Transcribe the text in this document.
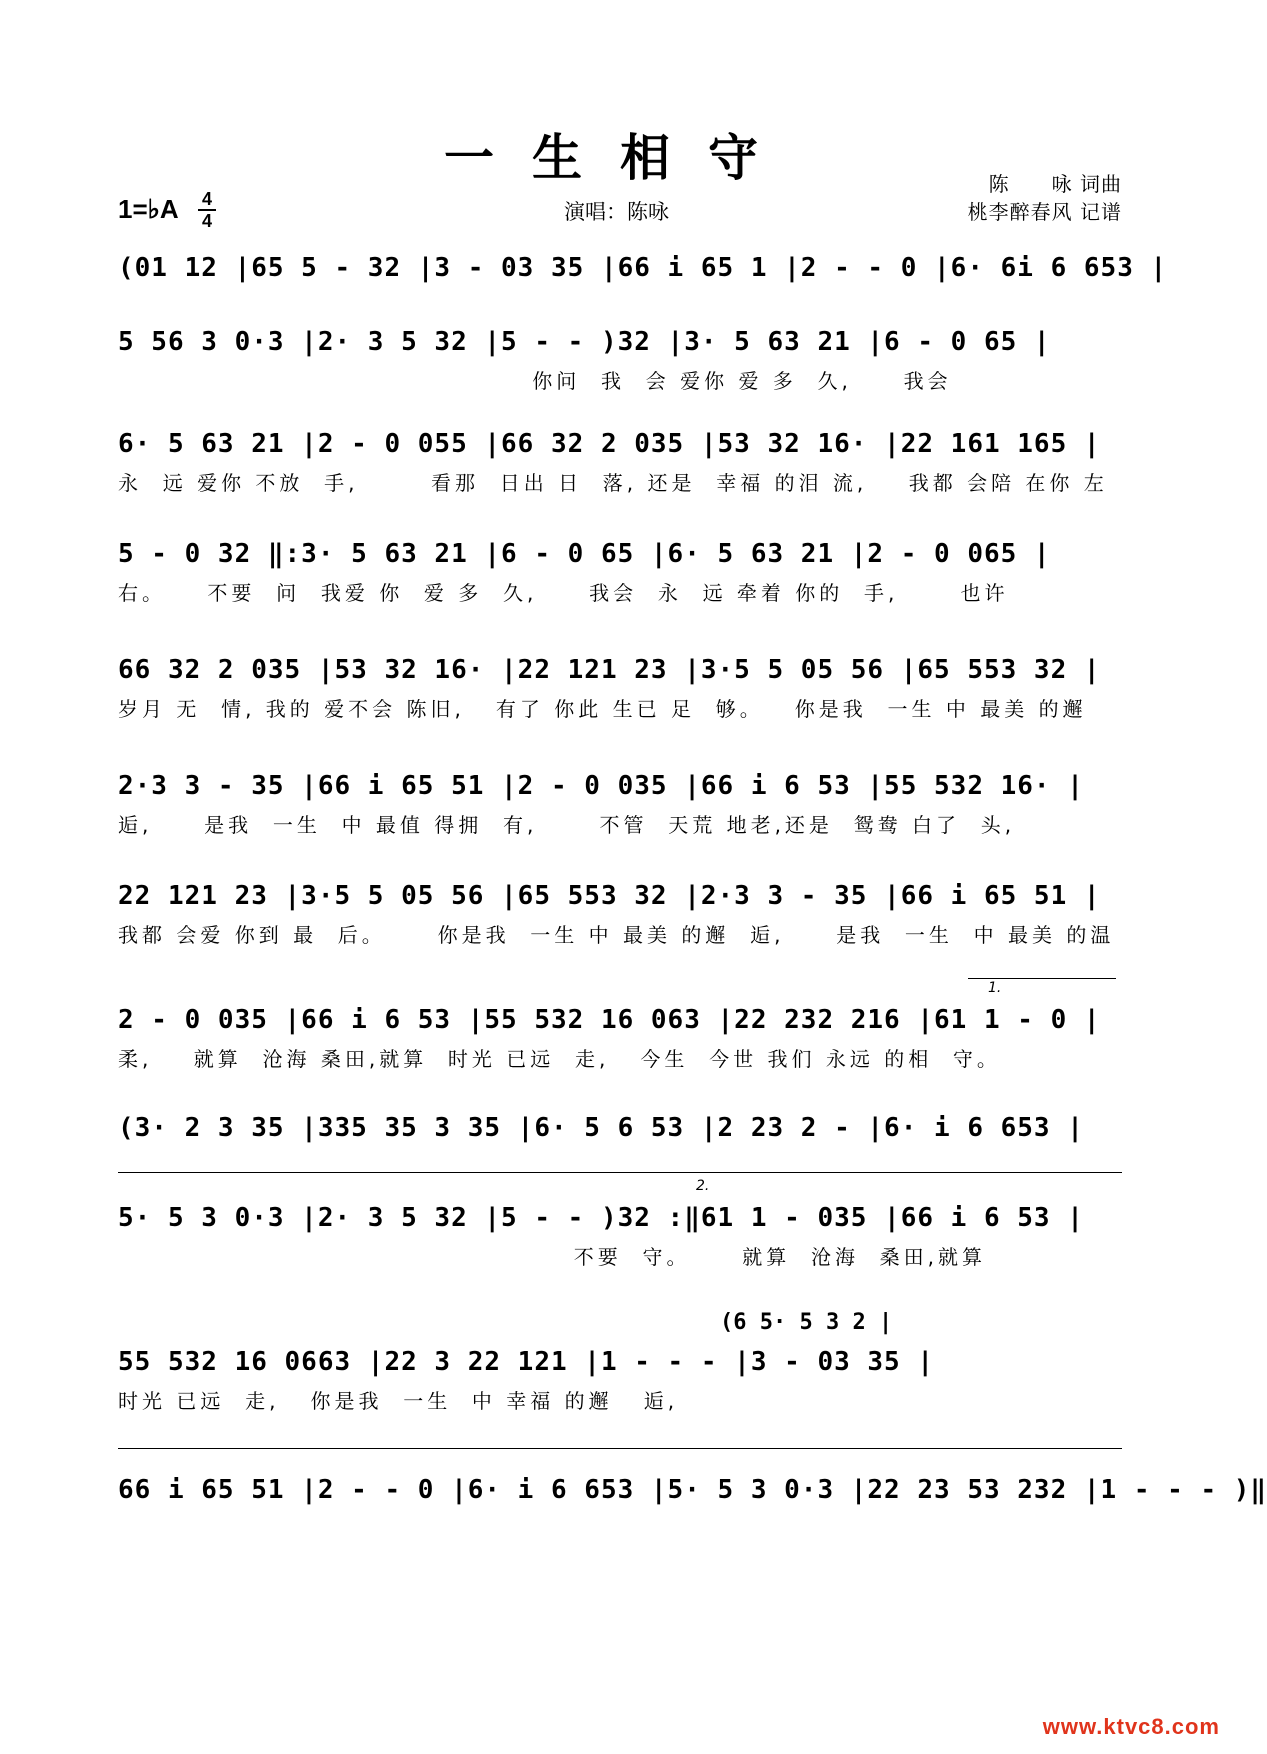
一生相守	陈　　咏 词曲
桃李醉春风 记谱
演唱：陈咏
1=♭A 4
4
(01 12 |65 5 - 32 |3 - 03 35 |66 i 65 1 |2 - - 0 |6· 6i 6 653 |
5 56 3 0·3 |2· 3 5 32 |5 - - )32 |3· 5 63 21 |6 - 0 65 |
你问  我  会 爱你 爱 多  久,     我会
6· 5 63 21 |2 - 0 055 |66 32 2 035 |53 32 16· |22 161 165 |
永  远 爱你 不放  手,       看那  日出 日  落, 还是  幸福 的泪 流,    我都 会陪 在你 左
5 - 0 32 ‖:3· 5 63 21 |6 - 0 65 |6· 5 63 21 |2 - 0 065 |
右。    不要  问  我爱 你  爱 多  久,     我会  永  远 牵着 你的  手,      也许
66 32 2 035 |53 32 16· |22 121 23 |3·5 5 05 56 |65 553 32 |
岁月 无  情, 我的 爱不会 陈旧,   有了 你此 生已 足  够。   你是我  一生 中 最美 的邂
2·3 3 - 35 |66 i 65 51 |2 - 0 035 |66 i 6 53 |55 532 16· |
逅,     是我  一生  中 最值 得拥  有,      不管  天荒 地老,还是  鸳鸯 白了  头,
22 121 23 |3·5 5 05 56 |65 553 32 |2·3 3 - 35 |66 i 65 51 |
我都 会爱 你到 最  后。     你是我  一生 中 最美 的邂  逅,     是我  一生  中 最美 的温
1.
2 - 0 035 |66 i 6 53 |55 532 16 063 |22 232 216 |61 1 - 0 |
柔,    就算  沧海 桑田,就算  时光 已远  走,   今生  今世 我们 永远 的相  守。
(3· 2 3 35 |335 35 3 35 |6· 5 6 53 |2 23 2 - |6· i 6 653 |
2.
5· 5 3 0·3 |2· 3 5 32 |5 - - )32 :‖61 1 - 035 |66 i 6 53 |
不要  守。     就算  沧海  桑田,就算
(6 5· 5 3 2 |
55 532 16 0663 |22 3 22 121 |1 - - - |3 - 03 35 |
时光 已远  走,   你是我  一生  中 幸福 的邂   逅,
66 i 65 51 |2 - - 0 |6· i 6 653 |5· 5 3 0·3 |22 23 53 232 |1 - - - )‖
www.ktvc8.com
